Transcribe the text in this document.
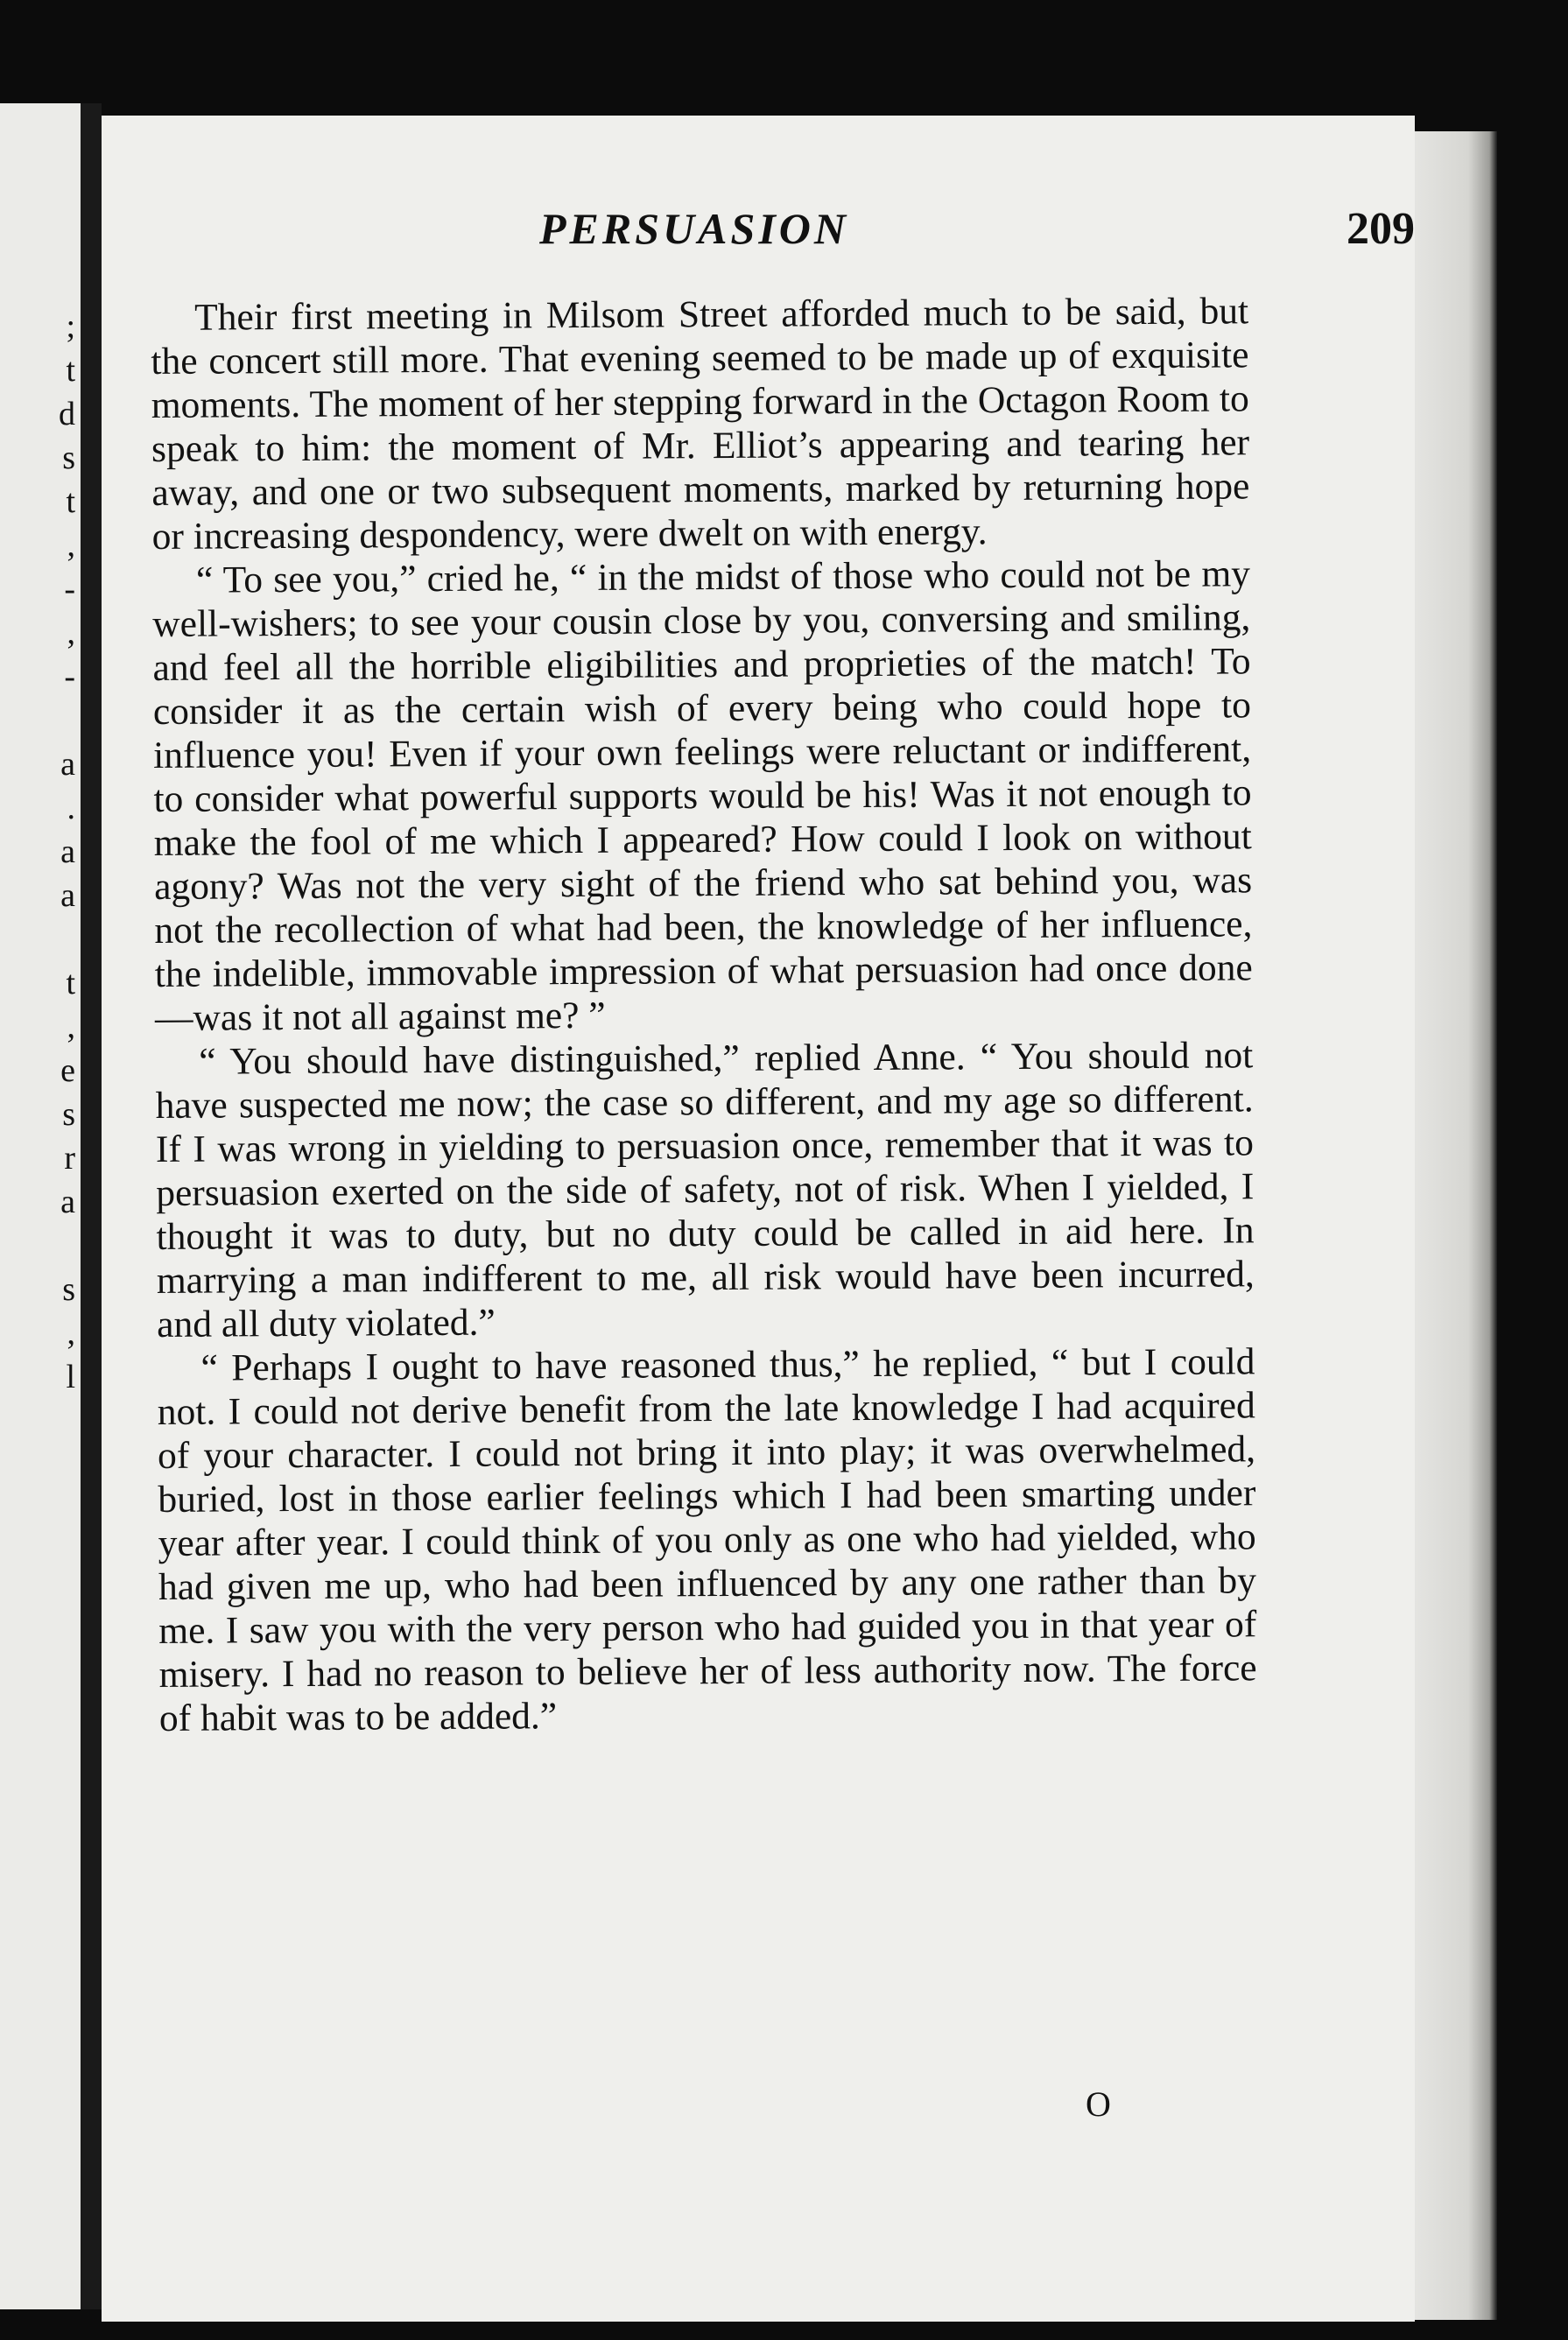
;
t
d
s
t
,
-
,
-

a
.
a
a

t
,
e
s
r
a

s
,
l
PERSUASION	209

Their first meeting in Milsom Street afforded much to be said, but the concert still more. That evening seemed to be made up of exquisite moments. The moment of her stepping forward in the Octagon Room to speak to him: the moment of Mr. Elliot’s appearing and tearing her away, and one or two subsequent moments, marked by returning hope or increasing despondency, were dwelt on with energy.

“ To see you,” cried he, “ in the midst of those who could not be my well-wishers; to see your cousin close by you, conversing and smiling, and feel all the horrible eligibilities and proprieties of the match! To consider it as the certain wish of every being who could hope to influence you! Even if your own feelings were reluctant or indifferent, to consider what powerful supports would be his! Was it not enough to make the fool of me which I appeared? How could I look on without agony? Was not the very sight of the friend who sat behind you, was not the recollection of what had been, the knowledge of her influence, the indelible, immovable impression of what persuasion had once done—was it not all against me? ”

“ You should have distinguished,” replied Anne. “ You should not have suspected me now; the case so different, and my age so different. If I was wrong in yielding to persuasion once, remember that it was to persuasion exerted on the side of safety, not of risk. When I yielded, I thought it was to duty, but no duty could be called in aid here. In marrying a man indifferent to me, all risk would have been incurred, and all duty violated.”

“ Perhaps I ought to have reasoned thus,” he replied, “ but I could not. I could not derive benefit from the late knowledge I had acquired of your character. I could not bring it into play; it was overwhelmed, buried, lost in those earlier feelings which I had been smarting under year after year. I could think of you only as one who had yielded, who had given me up, who had been influenced by any one rather than by me. I saw you with the very person who had guided you in that year of misery. I had no reason to believe her of less authority now. The force of habit was to be added.”

O
